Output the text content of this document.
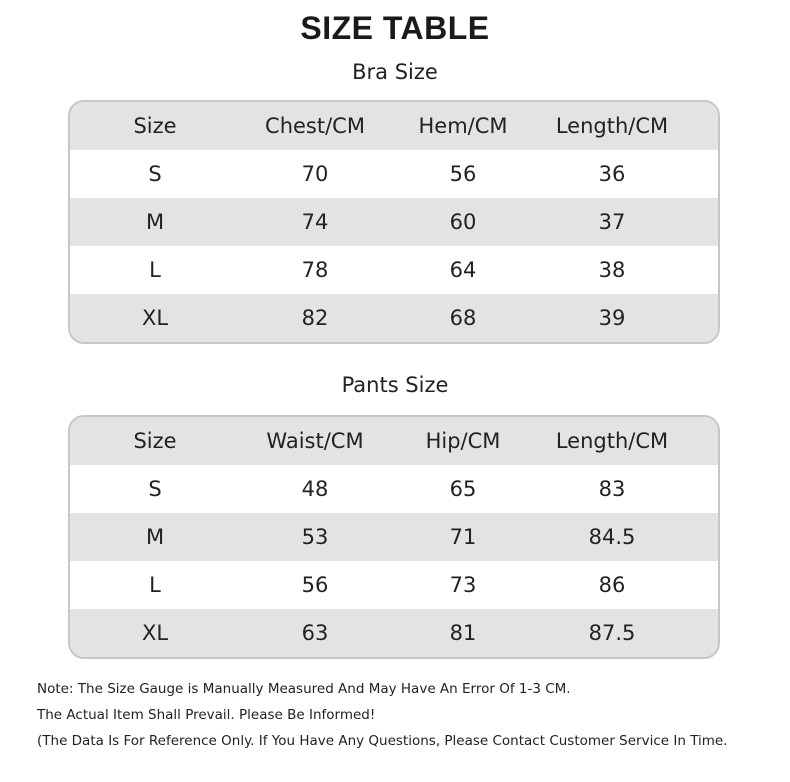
SIZE TABLE
Bra Size
Size	Chest/CM	Hem/CM	Length/CM
S	70	56	36
M	74	60	37
L	78	64	38
XL	82	68	39
Pants Size
Size	Waist/CM	Hip/CM	Length/CM
S	48	65	83
M	53	71	84.5
L	56	73	86
XL	63	81	87.5
Note: The Size Gauge is Manually Measured And May Have An Error Of 1-3 CM.
The Actual Item Shall Prevail. Please Be Informed!
(The Data Is For Reference Only. If You Have Any Questions, Please Contact Customer Service In Time.
